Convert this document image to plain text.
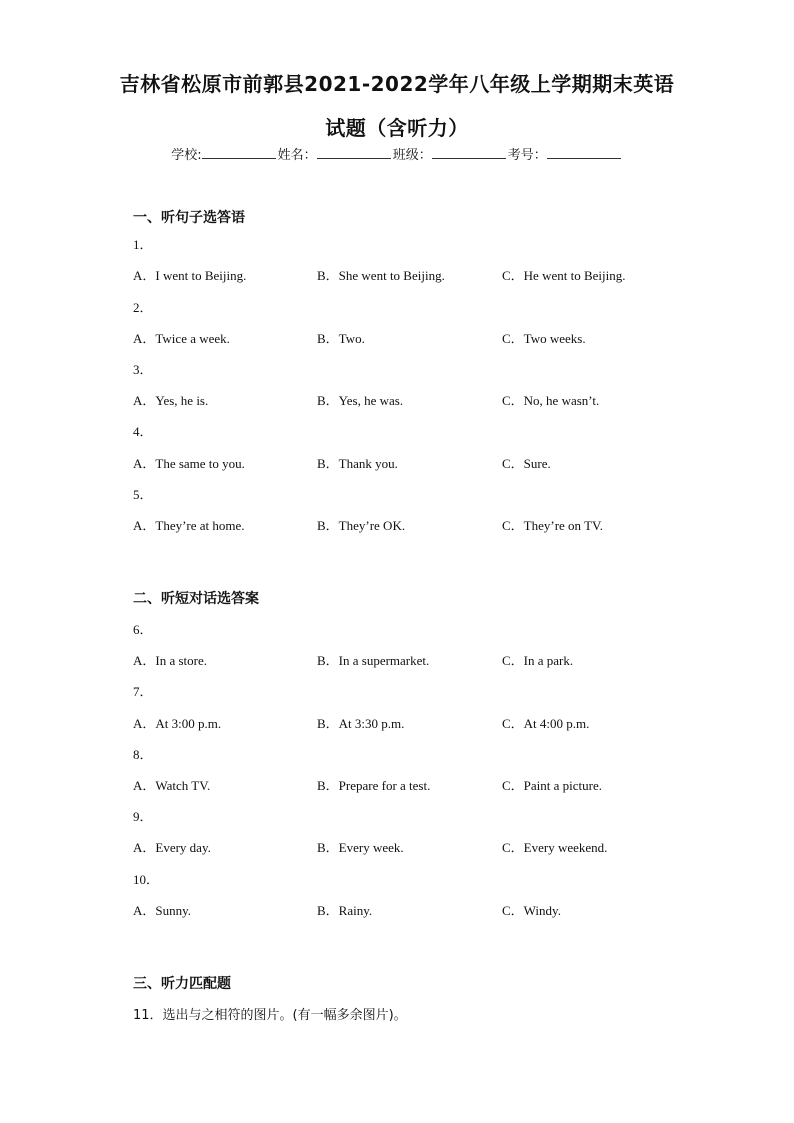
吉林省松原市前郭县2021-2022学年八年级上学期期末英语
试题（含听力）
学校:	姓名：	班级：	考号：
一、听句子选答语
1．
A．I went to Beijing.	B．She went to Beijing.	C．He went to Beijing.
2．
A．Twice a week.	B．Two.	C．Two weeks.
3．
A．Yes, he is.	B．Yes, he was.	C．No, he wasn’t.
4．
A．The same to you.	B．Thank you.	C．Sure.
5．
A．They’re at home.	B．They’re OK.	C．They’re on TV.
二、听短对话选答案
6．
A．In a store.	B．In a supermarket.	C．In a park.
7．
A．At 3:00 p.m.	B．At 3:30 p.m.	C．At 4:00 p.m.
8．
A．Watch TV.	B．Prepare for a test.	C．Paint a picture.
9．
A．Every day.	B．Every week.	C．Every weekend.
10．
A．Sunny.	B．Rainy.	C．Windy.
三、听力匹配题
11．选出与之相符的图片。(有一幅多余图片)。
